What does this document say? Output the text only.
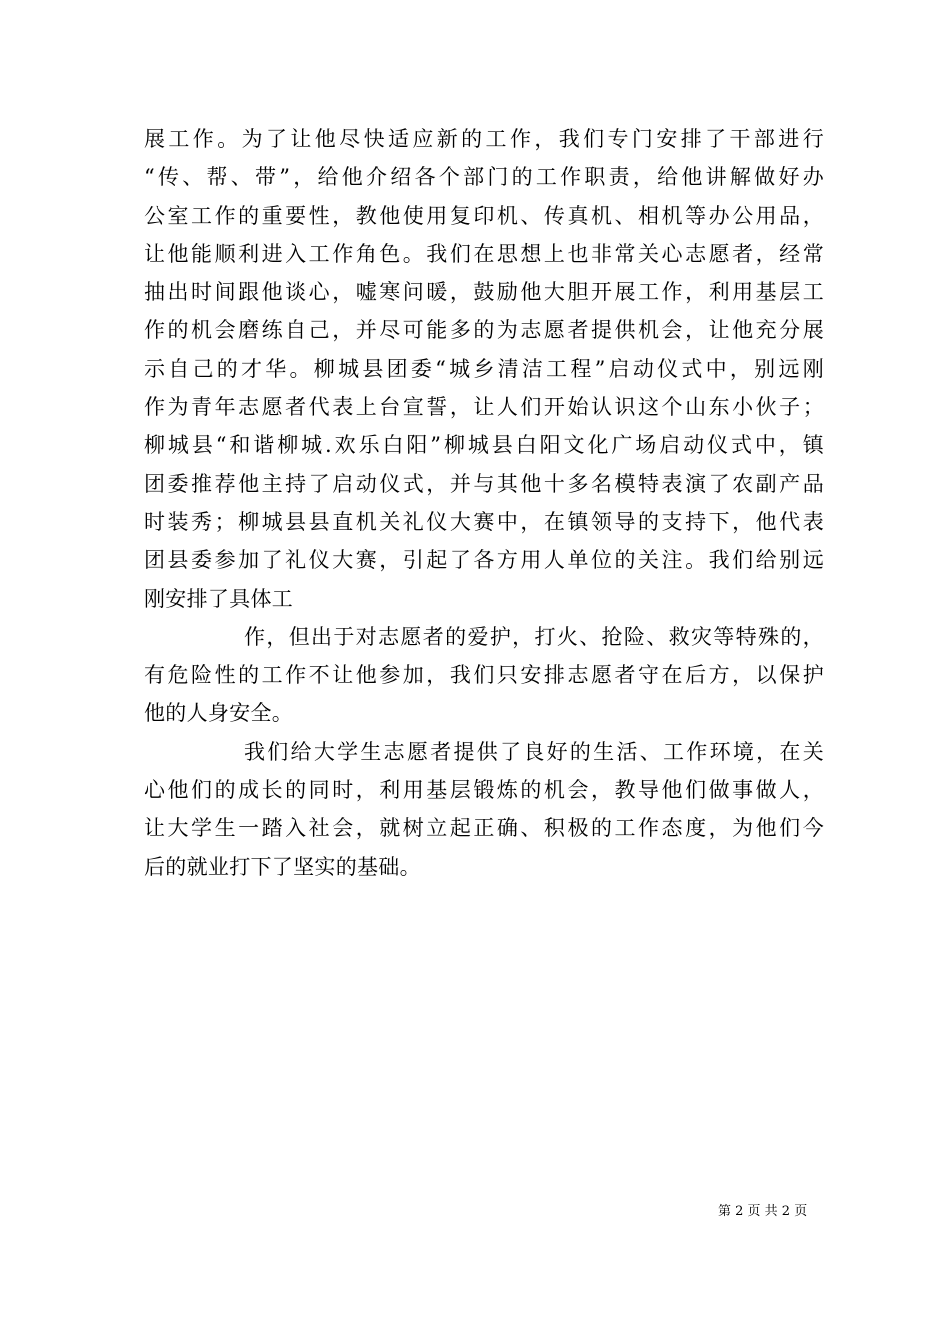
展工作。为了让他尽快适应新的工作，我们专门安排了干部进行
“传、帮、带”，给他介绍各个部门的工作职责，给他讲解做好办
公室工作的重要性，教他使用复印机、传真机、相机等办公用品，
让他能顺利进入工作角色。我们在思想上也非常关心志愿者，经常
抽出时间跟他谈心，嘘寒问暖，鼓励他大胆开展工作，利用基层工
作的机会磨练自己，并尽可能多的为志愿者提供机会，让他充分展
示自己的才华。柳城县团委“城乡清洁工程”启动仪式中，别远刚
作为青年志愿者代表上台宣誓，让人们开始认识这个山东小伙子；
柳城县“和谐柳城.欢乐白阳”柳城县白阳文化广场启动仪式中，镇
团委推荐他主持了启动仪式，并与其他十多名模特表演了农副产品
时装秀；柳城县县直机关礼仪大赛中，在镇领导的支持下，他代表
团县委参加了礼仪大赛，引起了各方用人单位的关注。我们给别远
刚安排了具体工
作，但出于对志愿者的爱护，打火、抢险、救灾等特殊的，
有危险性的工作不让他参加，我们只安排志愿者守在后方，以保护
他的人身安全。
我们给大学生志愿者提供了良好的生活、工作环境，在关
心他们的成长的同时，利用基层锻炼的机会，教导他们做事做人，
让大学生一踏入社会，就树立起正确、积极的工作态度，为他们今
后的就业打下了坚实的基础。
第 2 页 共 2 页
